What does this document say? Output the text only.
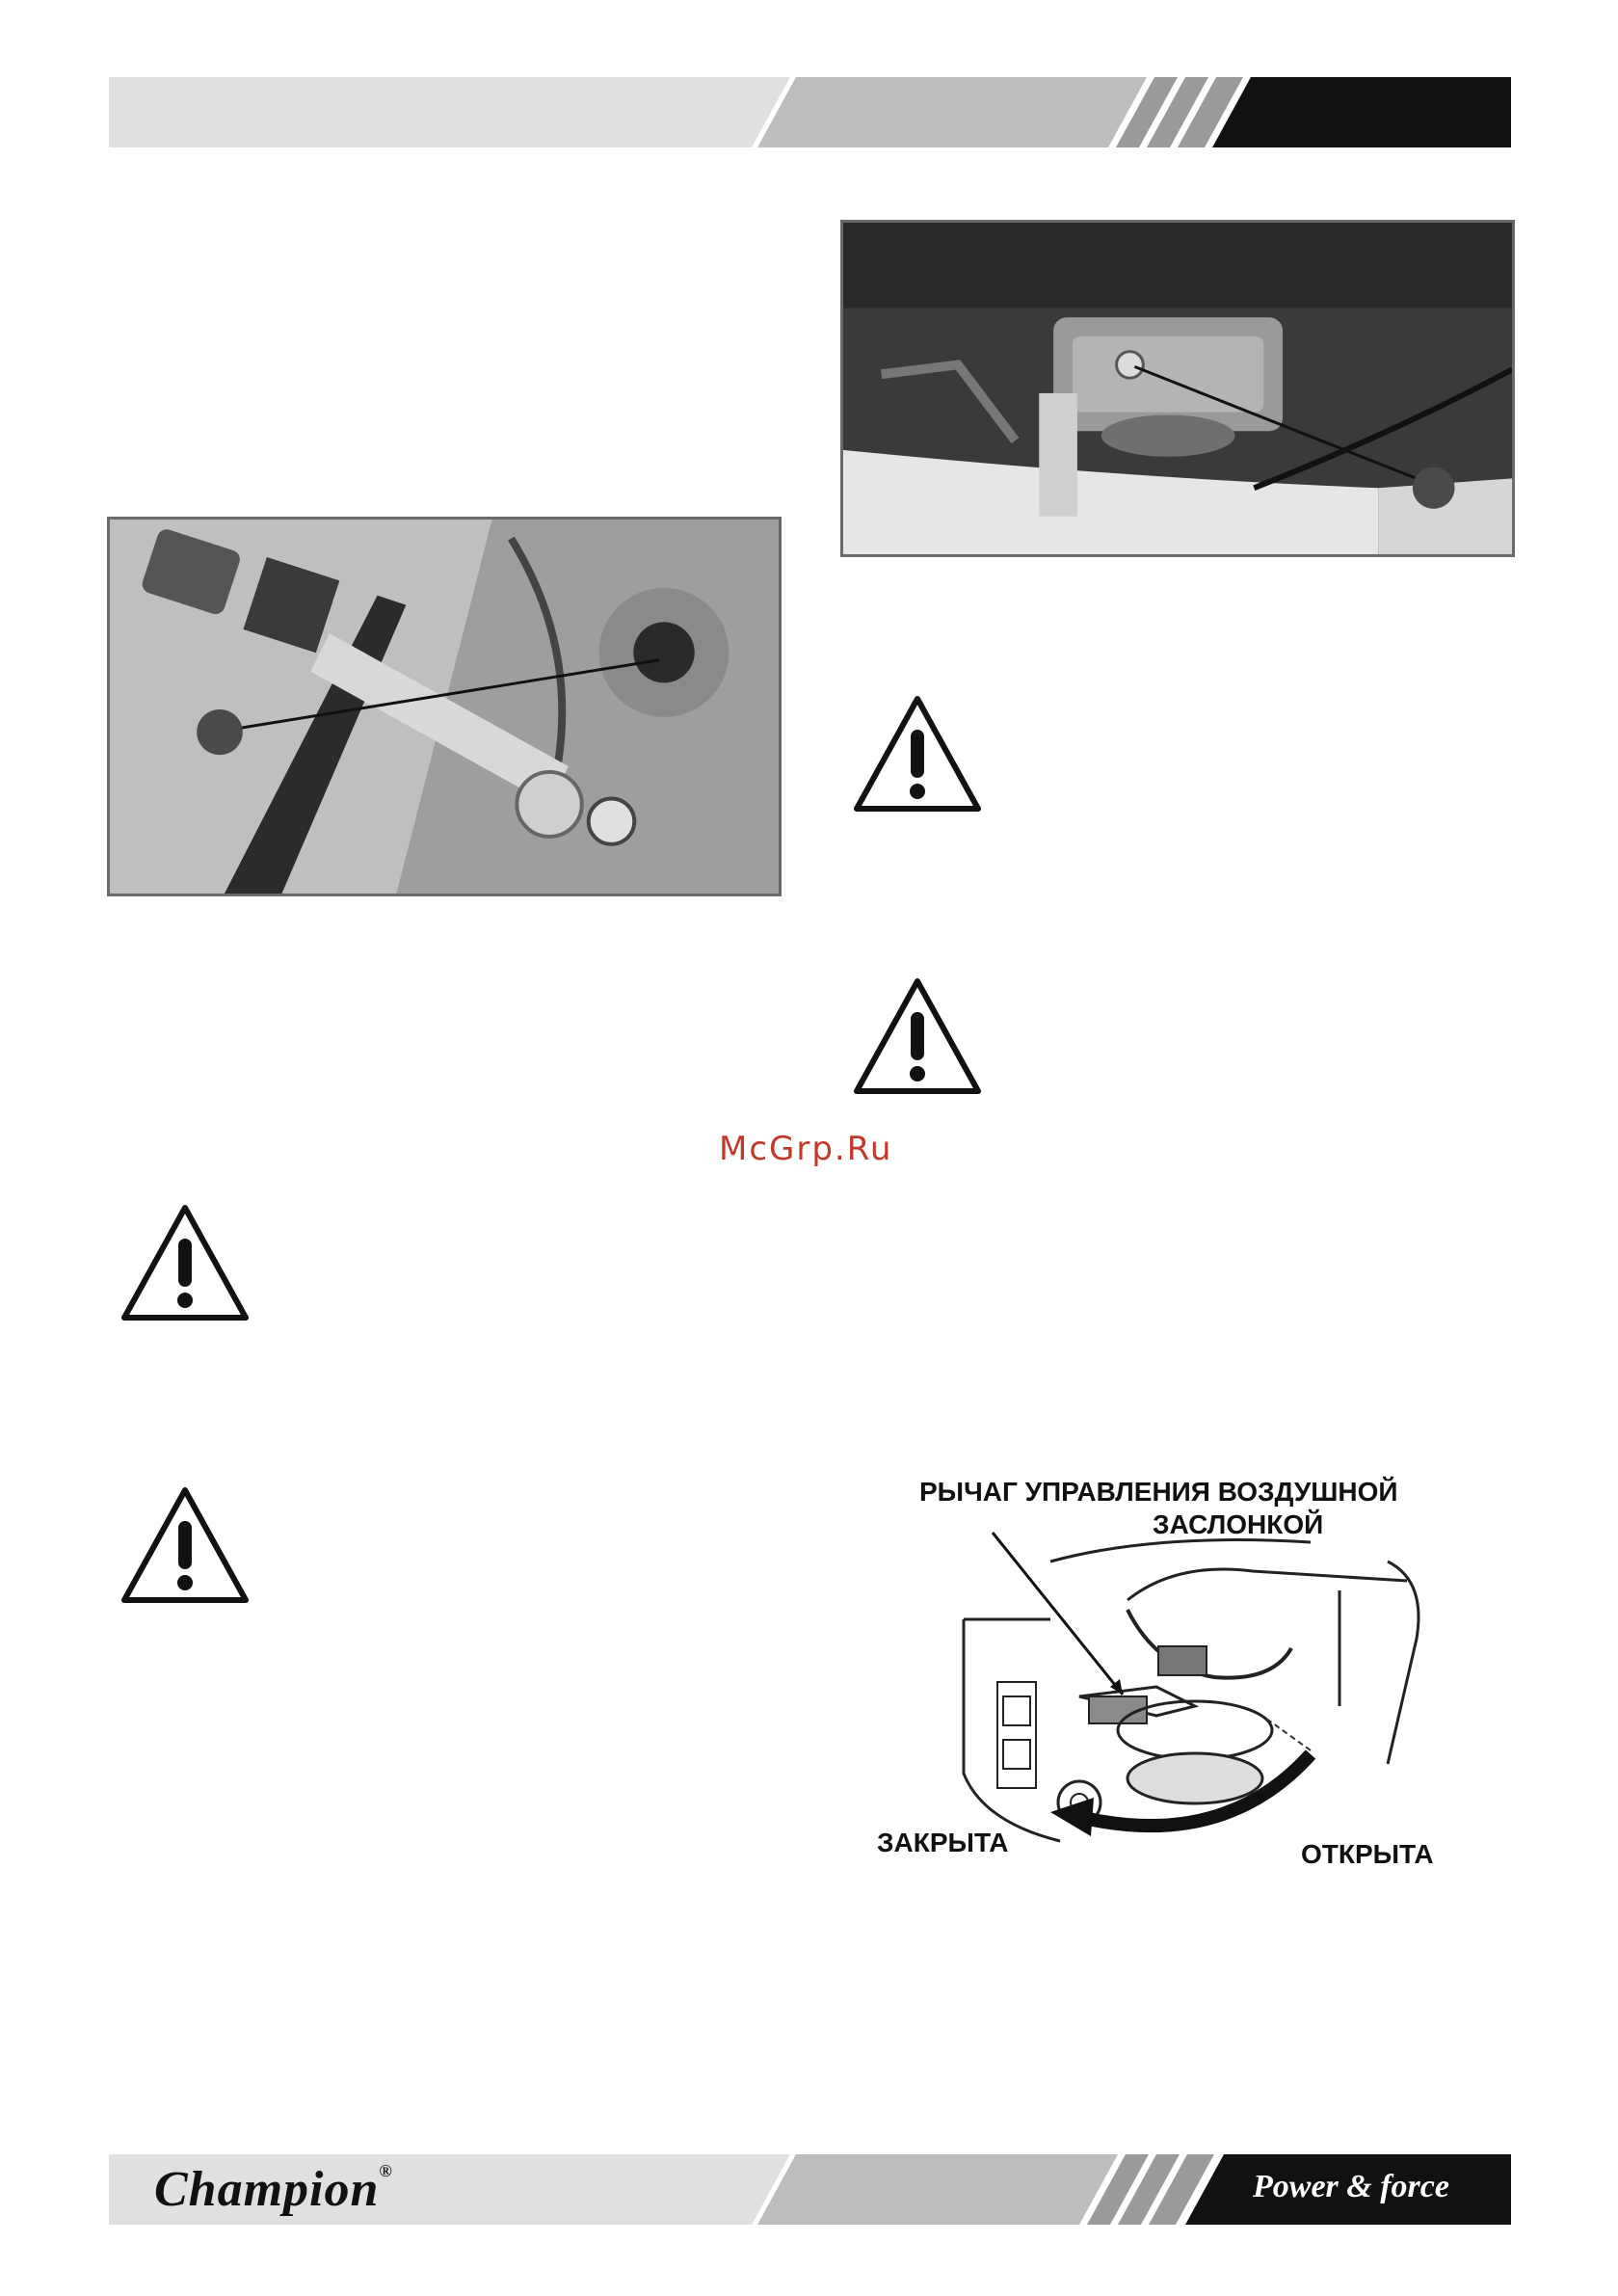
McGrp.Ru
РЫЧАГ УПРАВЛЕНИЯ ВОЗДУШНОЙ
ЗАСЛОНКОЙ
ЗАКРЫТА	ОТКРЫТА
Champion®	Power & force
